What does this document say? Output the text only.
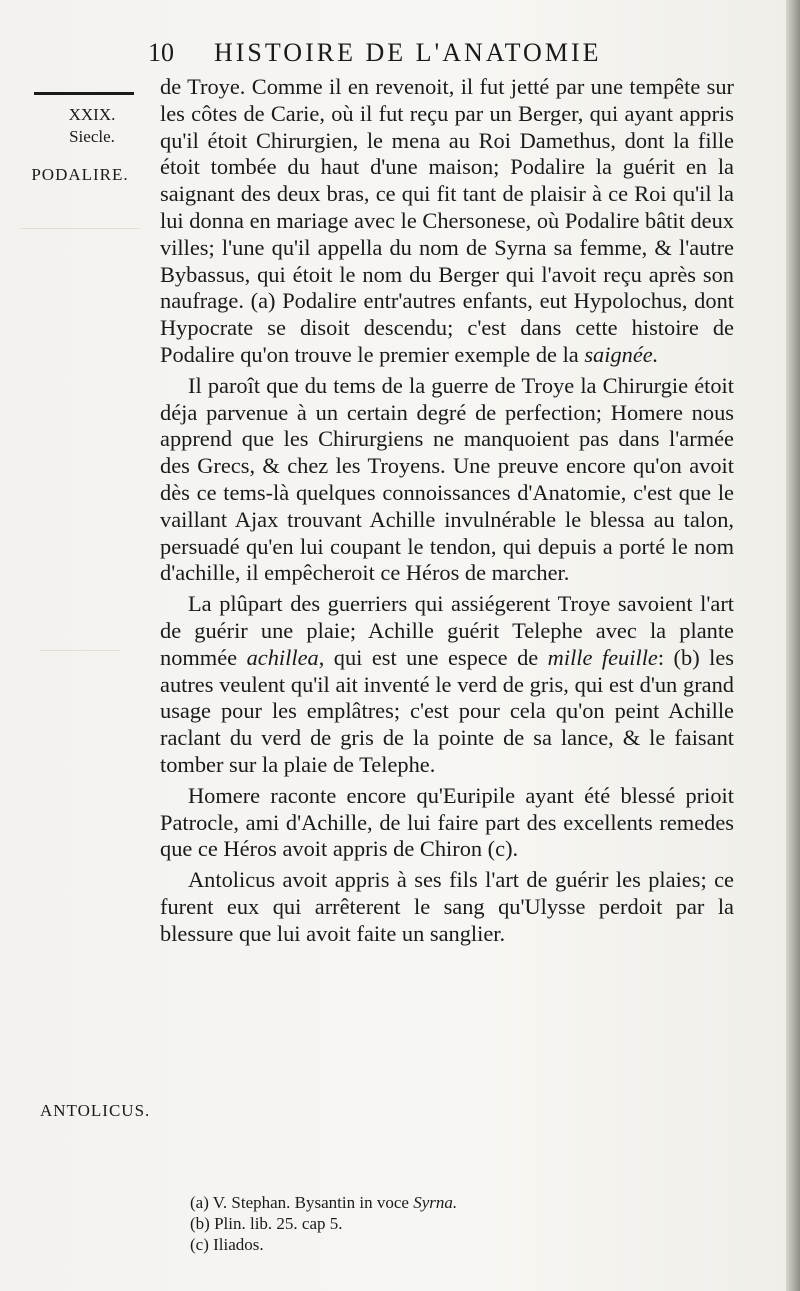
10 HISTOIRE DE L'ANATOMIE
XXIX.
Siecle.
PODALIRE.
ANTOLICUS.

de Troye. Comme il en revenoit, il fut jetté par une tempête sur les côtes de Carie, où il fut reçu par un Berger, qui ayant appris qu'il étoit Chirurgien, le mena au Roi Damethus, dont la fille étoit tombée du haut d'une maison; Podalire la guérit en la saignant des deux bras, ce qui fit tant de plaisir à ce Roi qu'il la lui donna en mariage avec le Chersonese, où Podalire bâtit deux villes; l'une qu'il appella du nom de Syrna sa femme, & l'autre Bybassus, qui étoit le nom du Berger qui l'avoit reçu après son naufrage. (a) Podalire entr'autres enfants, eut Hypolochus, dont Hypocrate se disoit descendu; c'est dans cette histoire de Podalire qu'on trouve le premier exemple de la saignée.

Il paroît que du tems de la guerre de Troye la Chirurgie étoit déja parvenue à un certain degré de perfection; Homere nous apprend que les Chirurgiens ne manquoient pas dans l'armée des Grecs, & chez les Troyens. Une preuve encore qu'on avoit dès ce tems-là quelques connoissances d'Anatomie, c'est que le vaillant Ajax trouvant Achille invulnérable le blessa au talon, persuadé qu'en lui coupant le tendon, qui depuis a porté le nom d'achille, il empêcheroit ce Héros de marcher.

La plûpart des guerriers qui assiégerent Troye savoient l'art de guérir une plaie; Achille guérit Telephe avec la plante nommée achillea, qui est une espece de mille feuille: (b) les autres veulent qu'il ait inventé le verd de gris, qui est d'un grand usage pour les emplâtres; c'est pour cela qu'on peint Achille raclant du verd de gris de la pointe de sa lance, & le faisant tomber sur la plaie de Telephe.

Homere raconte encore qu'Euripile ayant été blessé prioit Patrocle, ami d'Achille, de lui faire part des excellents remedes que ce Héros avoit appris de Chiron (c).

Antolicus avoit appris à ses fils l'art de guérir les plaies; ce furent eux qui arrêterent le sang qu'Ulysse perdoit par la blessure que lui avoit faite un sanglier.

(a) V. Stephan. Bysantin in voce Syrna.
(b) Plin. lib. 25. cap 5.
(c) Iliados.
